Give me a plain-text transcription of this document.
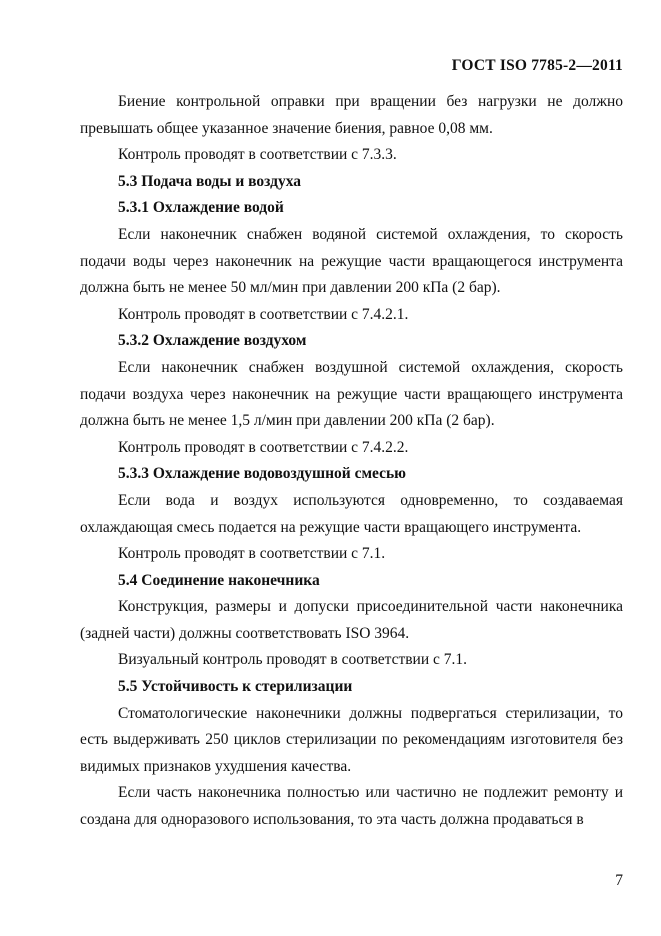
ГОСТ ISO 7785-2—2011

Биение контрольной оправки при вращении без нагрузки не должно превышать общее указанное значение биения, равное 0,08 мм.

Контроль проводят в соответствии с 7.3.3.

5.3 Подача воды и воздуха

5.3.1 Охлаждение водой

Если наконечник снабжен водяной системой охлаждения, то скорость подачи воды через наконечник на режущие части вращающегося инструмента должна быть не менее 50 мл/мин при давлении 200 кПа (2 бар).

Контроль проводят в соответствии с 7.4.2.1.

5.3.2 Охлаждение воздухом

Если наконечник снабжен воздушной системой охлаждения, скорость подачи воздуха через наконечник на режущие части вращающего инструмента должна быть не менее 1,5 л/мин при давлении 200 кПа (2 бар).

Контроль проводят в соответствии с 7.4.2.2.

5.3.3 Охлаждение водовоздушной смесью

Если вода и воздух используются одновременно, то создаваемая охлаждающая смесь подается на режущие части вращающего инструмента.

Контроль проводят в соответствии с 7.1.

5.4 Соединение наконечника

Конструкция, размеры и допуски присоединительной части наконечника (задней части) должны соответствовать ISO 3964.

Визуальный контроль проводят в соответствии с 7.1.

5.5 Устойчивость к стерилизации

Стоматологические наконечники должны подвергаться стерилизации, то есть выдерживать 250 циклов стерилизации по рекомендациям изготовителя без видимых признаков ухудшения качества.

Если часть наконечника полностью или частично не подлежит ремонту и создана для одноразового использования, то эта часть должна продаваться в

7
